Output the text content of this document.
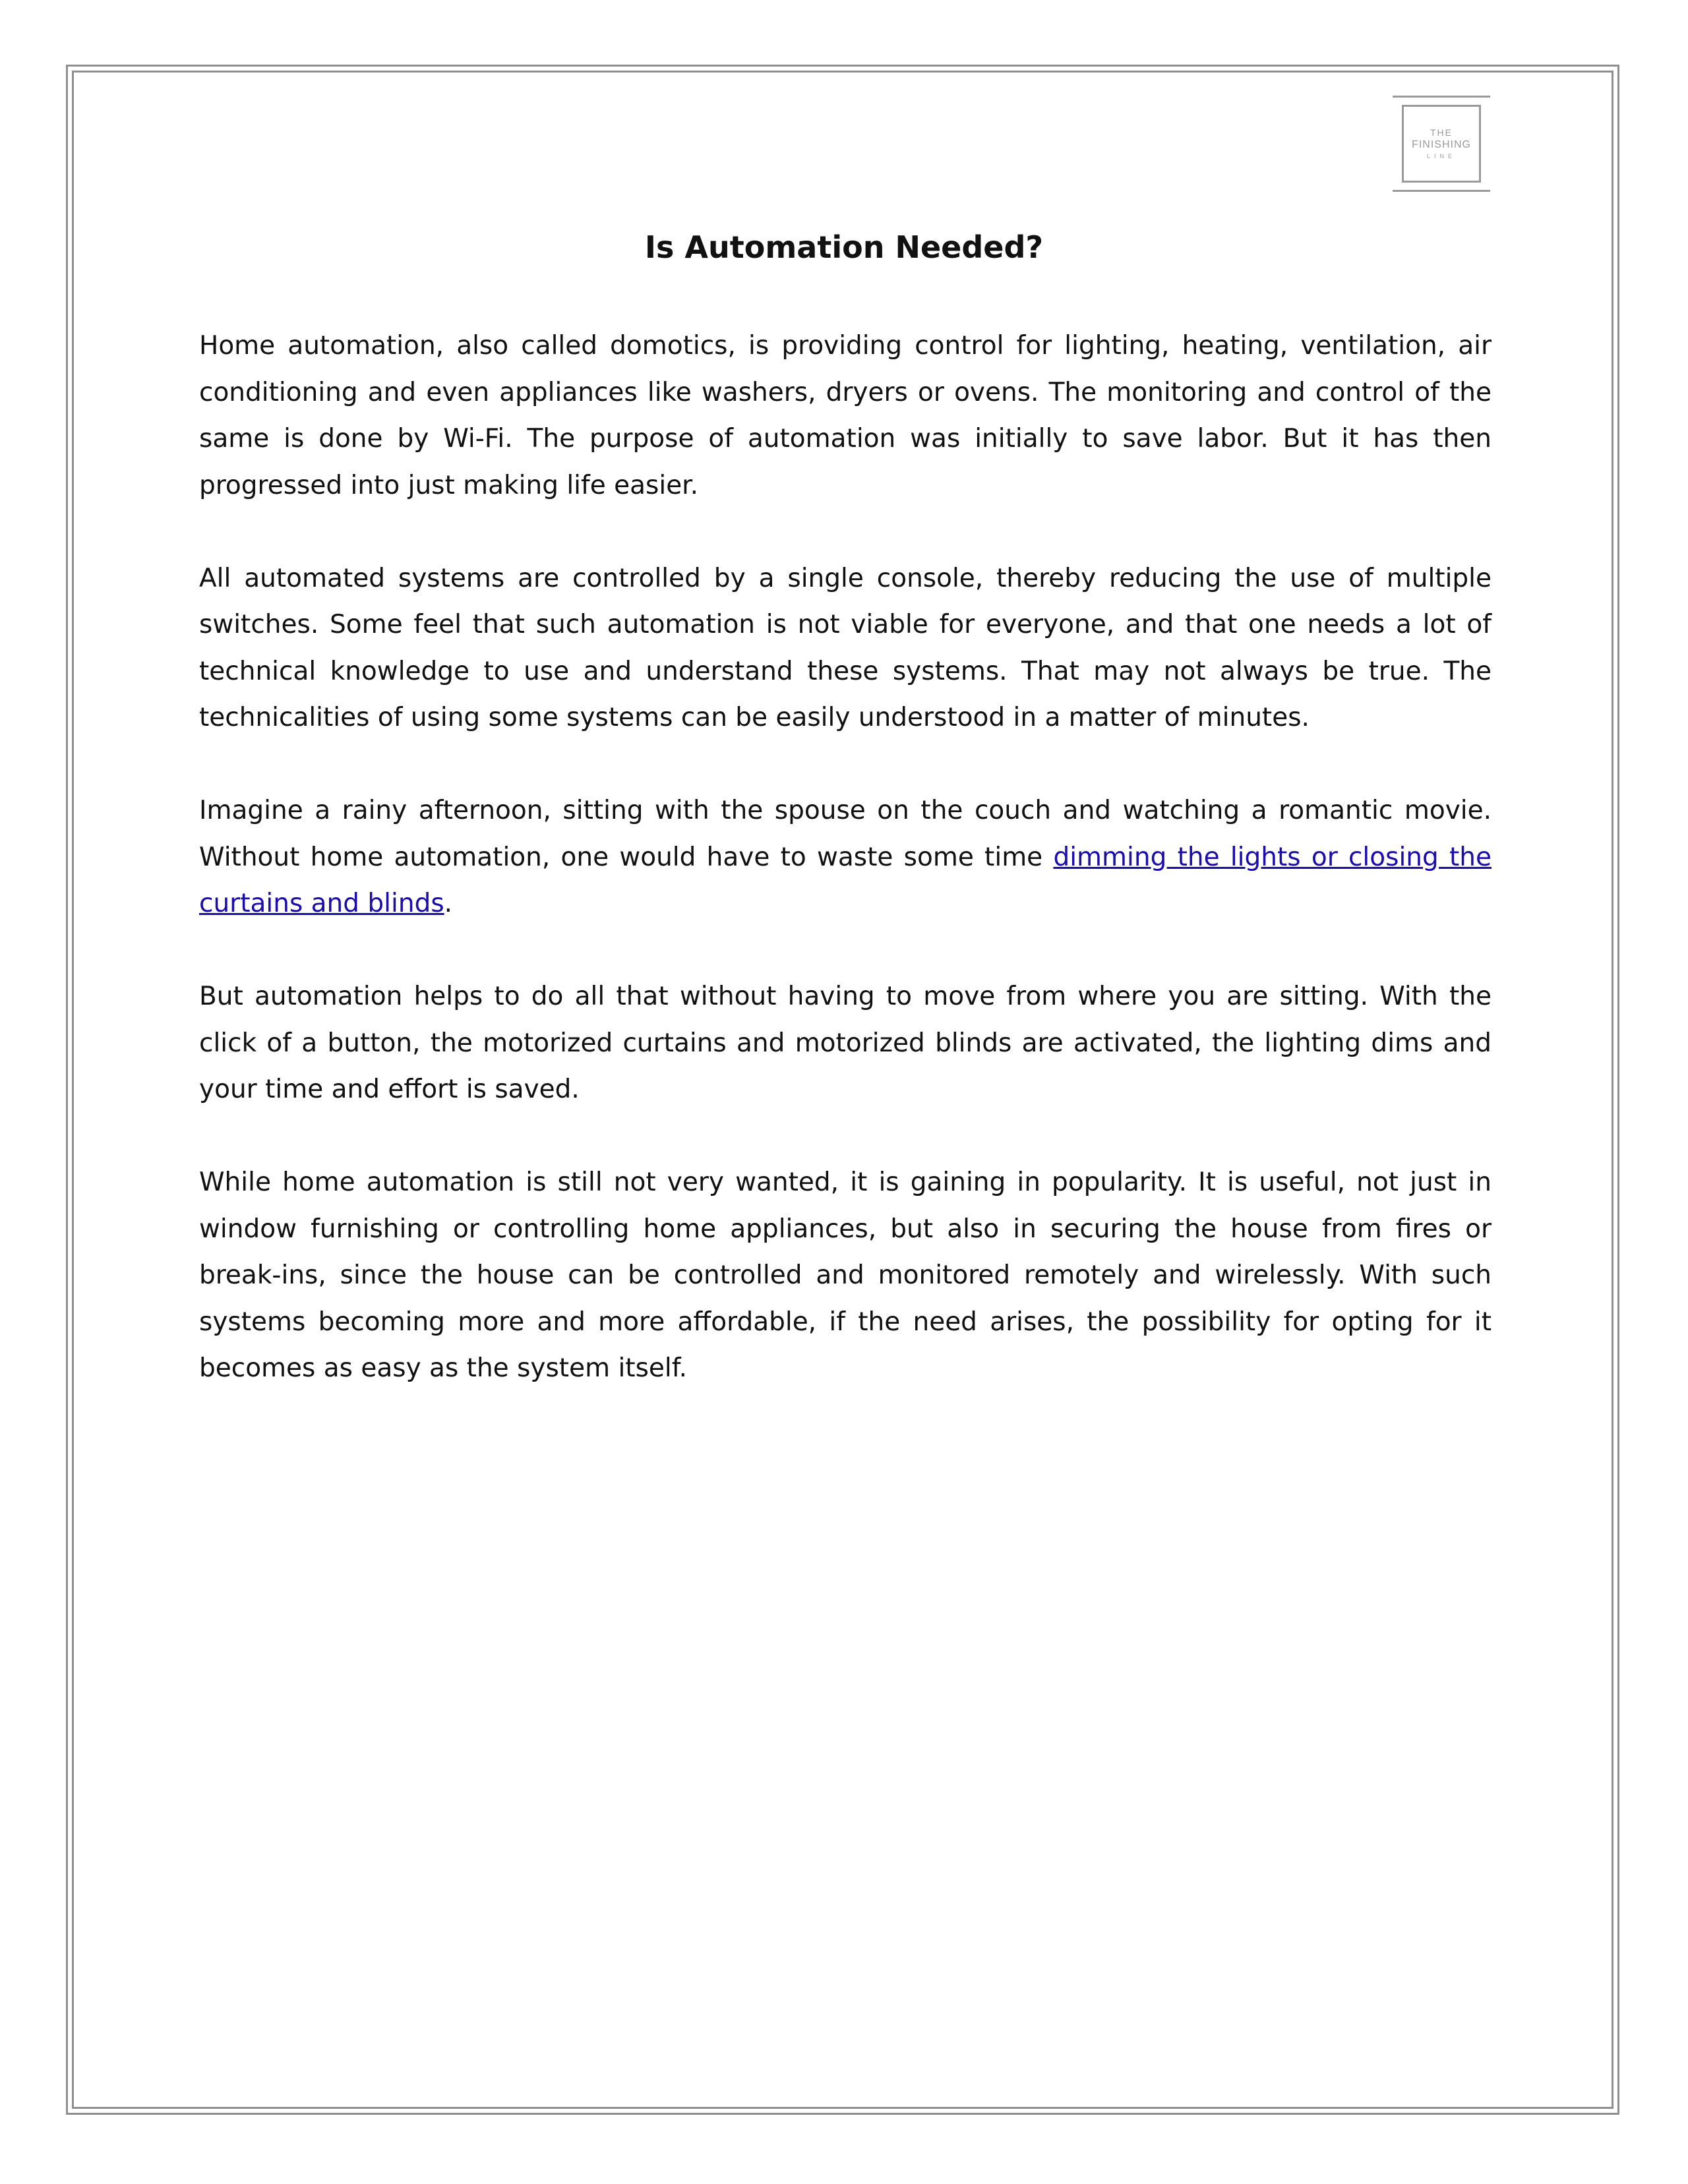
THE
FINISHING
LINE
Is Automation Needed?

Home automation, also called domotics, is providing control for lighting, heating, ventilation, air conditioning and even appliances like washers, dryers or ovens. The monitoring and control of the same is done by Wi-Fi. The purpose of automation was initially to save labor. But it has then progressed into just making life easier.

All automated systems are controlled by a single console, thereby reducing the use of multiple switches. Some feel that such automation is not viable for everyone, and that one needs a lot of technical knowledge to use and understand these systems. That may not always be true. The technicalities of using some systems can be easily understood in a matter of minutes.

Imagine a rainy afternoon, sitting with the spouse on the couch and watching a romantic movie. Without home automation, one would have to waste some time dimming the lights or closing the curtains and blinds.

But automation helps to do all that without having to move from where you are sitting. With the click of a button, the motorized curtains and motorized blinds are activated, the lighting dims and your time and effort is saved.

While home automation is still not very wanted, it is gaining in popularity. It is useful, not just in window furnishing or controlling home appliances, but also in securing the house from fires or break-ins, since the house can be controlled and monitored remotely and wirelessly. With such systems becoming more and more affordable, if the need arises, the possibility for opting for it becomes as easy as the system itself.
